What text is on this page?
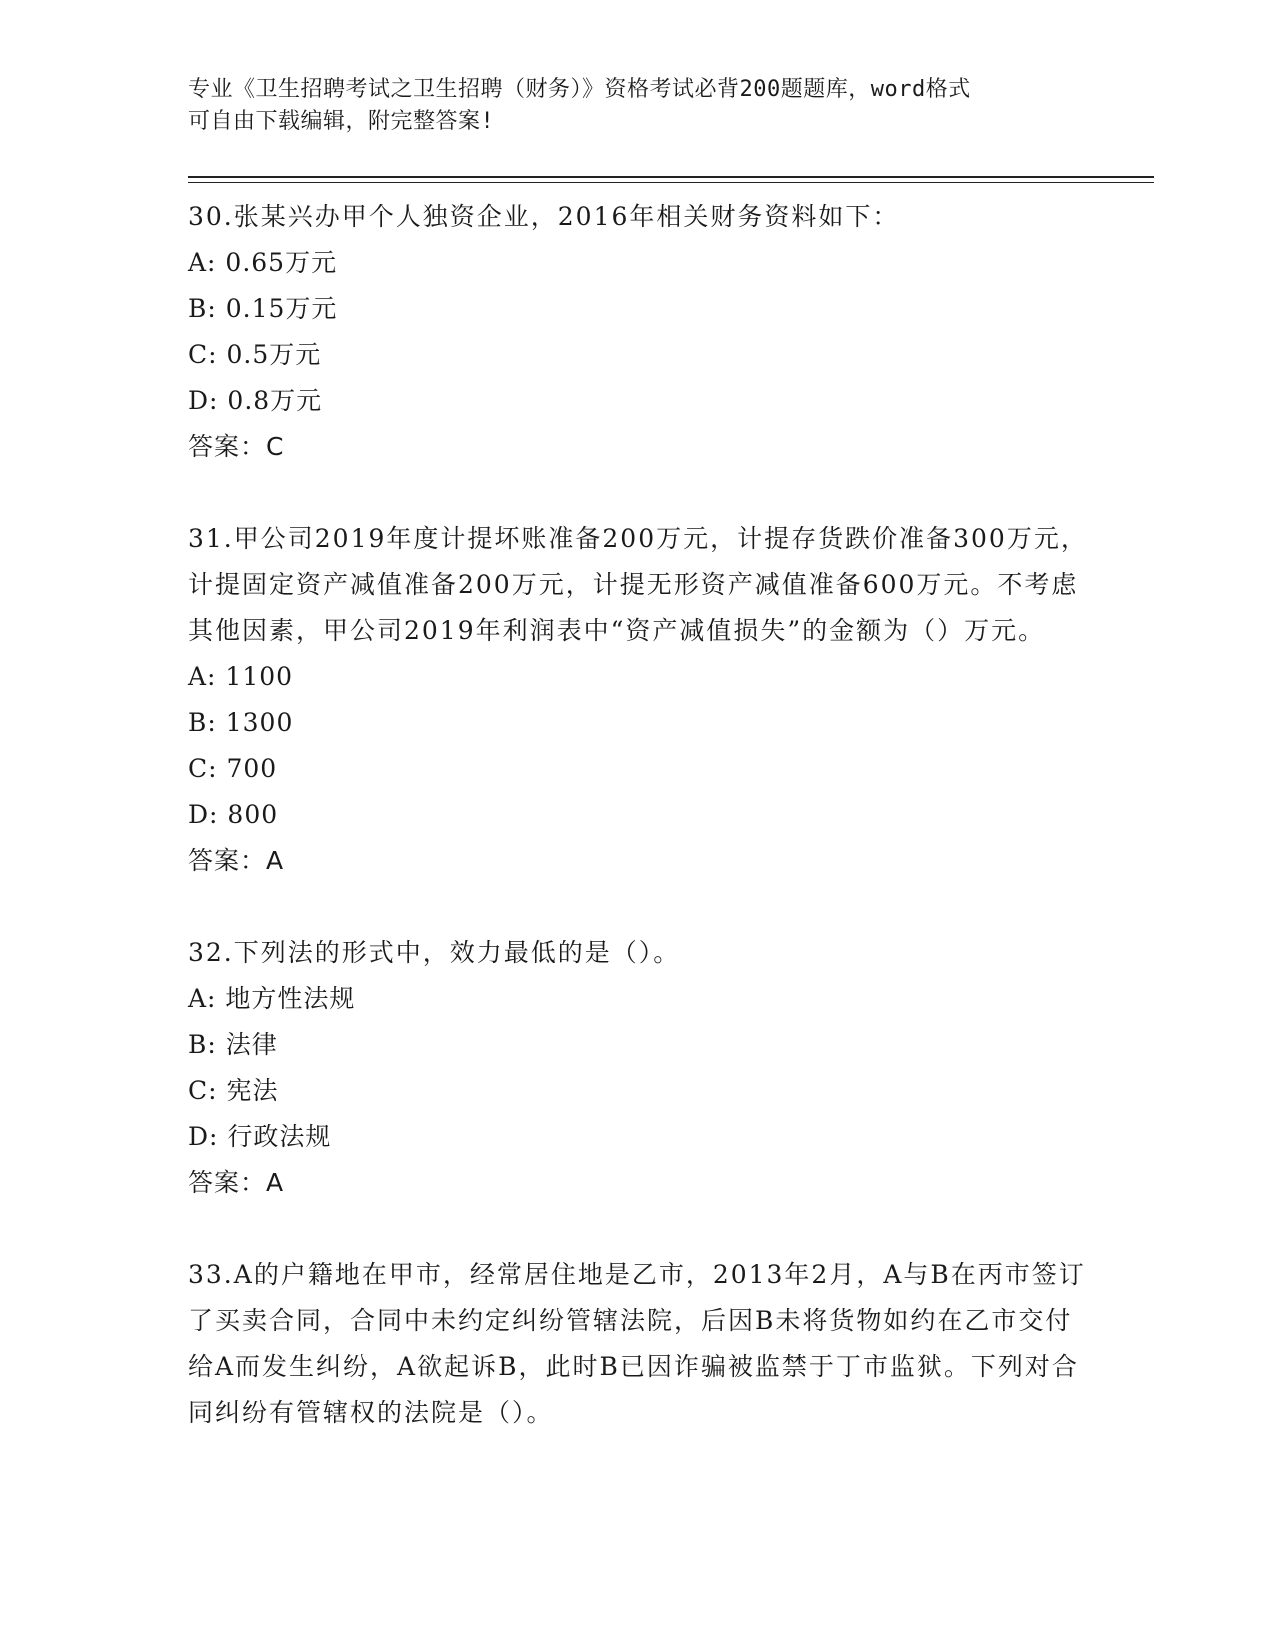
专业《卫生招聘考试之卫生招聘（财务）》资格考试必背200题题库，word格式
可自由下载编辑，附完整答案!

30.张某兴办甲个人独资企业，2016年相关财务资料如下：

A: 0.65万元

B: 0.15万元

C: 0.5万元

D: 0.8万元

答案：C

31.甲公司2019年度计提坏账准备200万元，计提存货跌价准备300万元，计提固定资产减值准备200万元，计提无形资产减值准备600万元。不考虑其他因素，甲公司2019年利润表中“资产减值损失”的金额为（）万元。

A: 1100

B: 1300

C: 700

D: 800

答案：A

32.下列法的形式中，效力最低的是（）。

A: 地方性法规

B: 法律

C: 宪法

D: 行政法规

答案：A

33.A的户籍地在甲市，经常居住地是乙市，2013年2月，A与B在丙市签订了买卖合同，合同中未约定纠纷管辖法院，后因B未将货物如约在乙市交付给A而发生纠纷，A欲起诉B，此时B已因诈骗被监禁于丁市监狱。下列对合同纠纷有管辖权的法院是（）。
